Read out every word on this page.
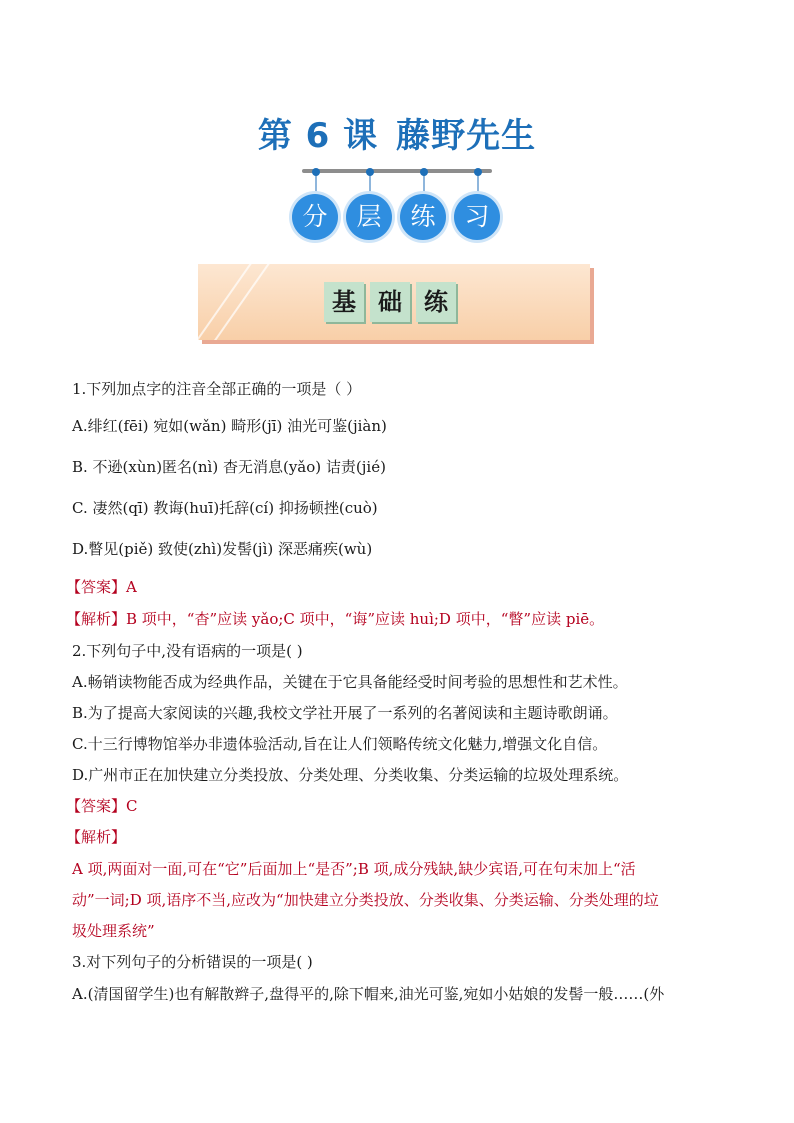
第 6 课 藤野先生
分	层	练	习
基 础 练
1.下列加点字的注音全部正确的一项是（ ）
A.绯红(fēi) 宛如(wǎn) 畸形(jī) 油光可鉴(jiàn)
B. 不逊(xùn)匿名(nì) 杳无消息(yǎo) 诘责(jié)
C. 凄然(qī) 教诲(huī)托辞(cí) 抑扬顿挫(cuò)
D.瞥见(piě) 致使(zhì)发髻(jì) 深恶痛疾(wù)
【答案】A
【解析】B 项中，“杳”应读 yǎo;C 项中，“诲”应读 huì;D 项中，“瞥”应读 piē。
2.下列句子中,没有语病的一项是( )
A.畅销读物能否成为经典作品，关键在于它具备能经受时间考验的思想性和艺术性。
B.为了提高大家阅读的兴趣,我校文学社开展了一系列的名著阅读和主题诗歌朗诵。
C.十三行博物馆举办非遗体验活动,旨在让人们领略传统文化魅力,增强文化自信。
D.广州市正在加快建立分类投放、分类处理、分类收集、分类运输的垃圾处理系统。
【答案】C
【解析】
A 项,两面对一面,可在“它”后面加上“是否”;B 项,成分残缺,缺少宾语,可在句末加上“活
动”一词;D 项,语序不当,应改为“加快建立分类投放、分类收集、分类运输、分类处理的垃
圾处理系统”
3.对下列句子的分析错误的一项是( )
A.(清国留学生)也有解散辫子,盘得平的,除下帽来,油光可鉴,宛如小姑娘的发髻一般……(外
